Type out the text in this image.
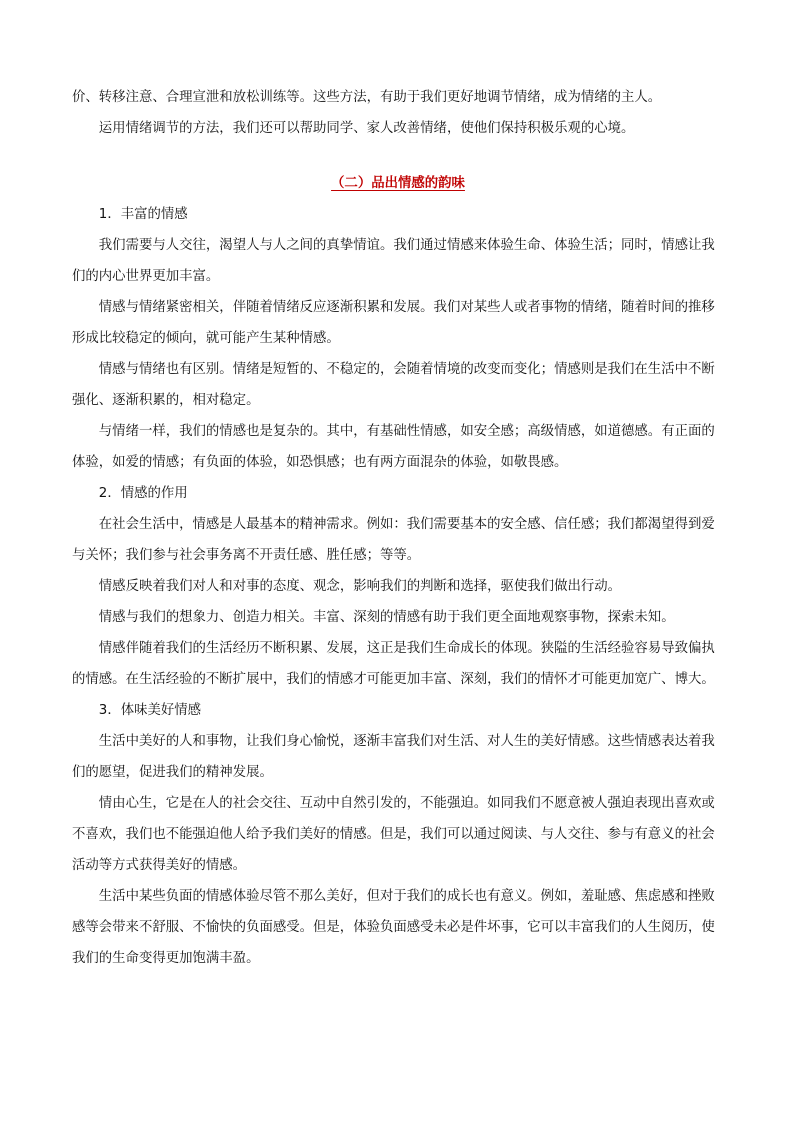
价、转移注意、合理宣泄和放松训练等。这些方法，有助于我们更好地调节情绪，成为情绪的主人。

运用情绪调节的方法，我们还可以帮助同学、家人改善情绪，使他们保持积极乐观的心境。

（二）品出情感的韵味

1．丰富的情感

我们需要与人交往，渴望人与人之间的真挚情谊。我们通过情感来体验生命、体验生活；同时，情感让我们的内心世界更加丰富。

情感与情绪紧密相关，伴随着情绪反应逐渐积累和发展。我们对某些人或者事物的情绪，随着时间的推移形成比较稳定的倾向，就可能产生某种情感。

情感与情绪也有区别。情绪是短暂的、不稳定的，会随着情境的改变而变化；情感则是我们在生活中不断强化、逐渐积累的，相对稳定。

与情绪一样，我们的情感也是复杂的。其中，有基础性情感，如安全感；高级情感，如道德感。有正面的体验，如爱的情感；有负面的体验，如恐惧感；也有两方面混杂的体验，如敬畏感。

2．情感的作用

在社会生活中，情感是人最基本的精神需求。例如：我们需要基本的安全感、信任感；我们都渴望得到爱与关怀；我们参与社会事务离不开责任感、胜任感；等等。

情感反映着我们对人和对事的态度、观念，影响我们的判断和选择，驱使我们做出行动。

情感与我们的想象力、创造力相关。丰富、深刻的情感有助于我们更全面地观察事物，探索未知。

情感伴随着我们的生活经历不断积累、发展，这正是我们生命成长的体现。狭隘的生活经验容易导致偏执的情感。在生活经验的不断扩展中，我们的情感才可能更加丰富、深刻，我们的情怀才可能更加宽广、博大。

3．体味美好情感

生活中美好的人和事物，让我们身心愉悦，逐渐丰富我们对生活、对人生的美好情感。这些情感表达着我们的愿望，促进我们的精神发展。

情由心生，它是在人的社会交往、互动中自然引发的，不能强迫。如同我们不愿意被人强迫表现出喜欢或不喜欢，我们也不能强迫他人给予我们美好的情感。但是，我们可以通过阅读、与人交往、参与有意义的社会活动等方式获得美好的情感。

生活中某些负面的情感体验尽管不那么美好，但对于我们的成长也有意义。例如，羞耻感、焦虑感和挫败感等会带来不舒服、不愉快的负面感受。但是，体验负面感受未必是件坏事，它可以丰富我们的人生阅历，使我们的生命变得更加饱满丰盈。
